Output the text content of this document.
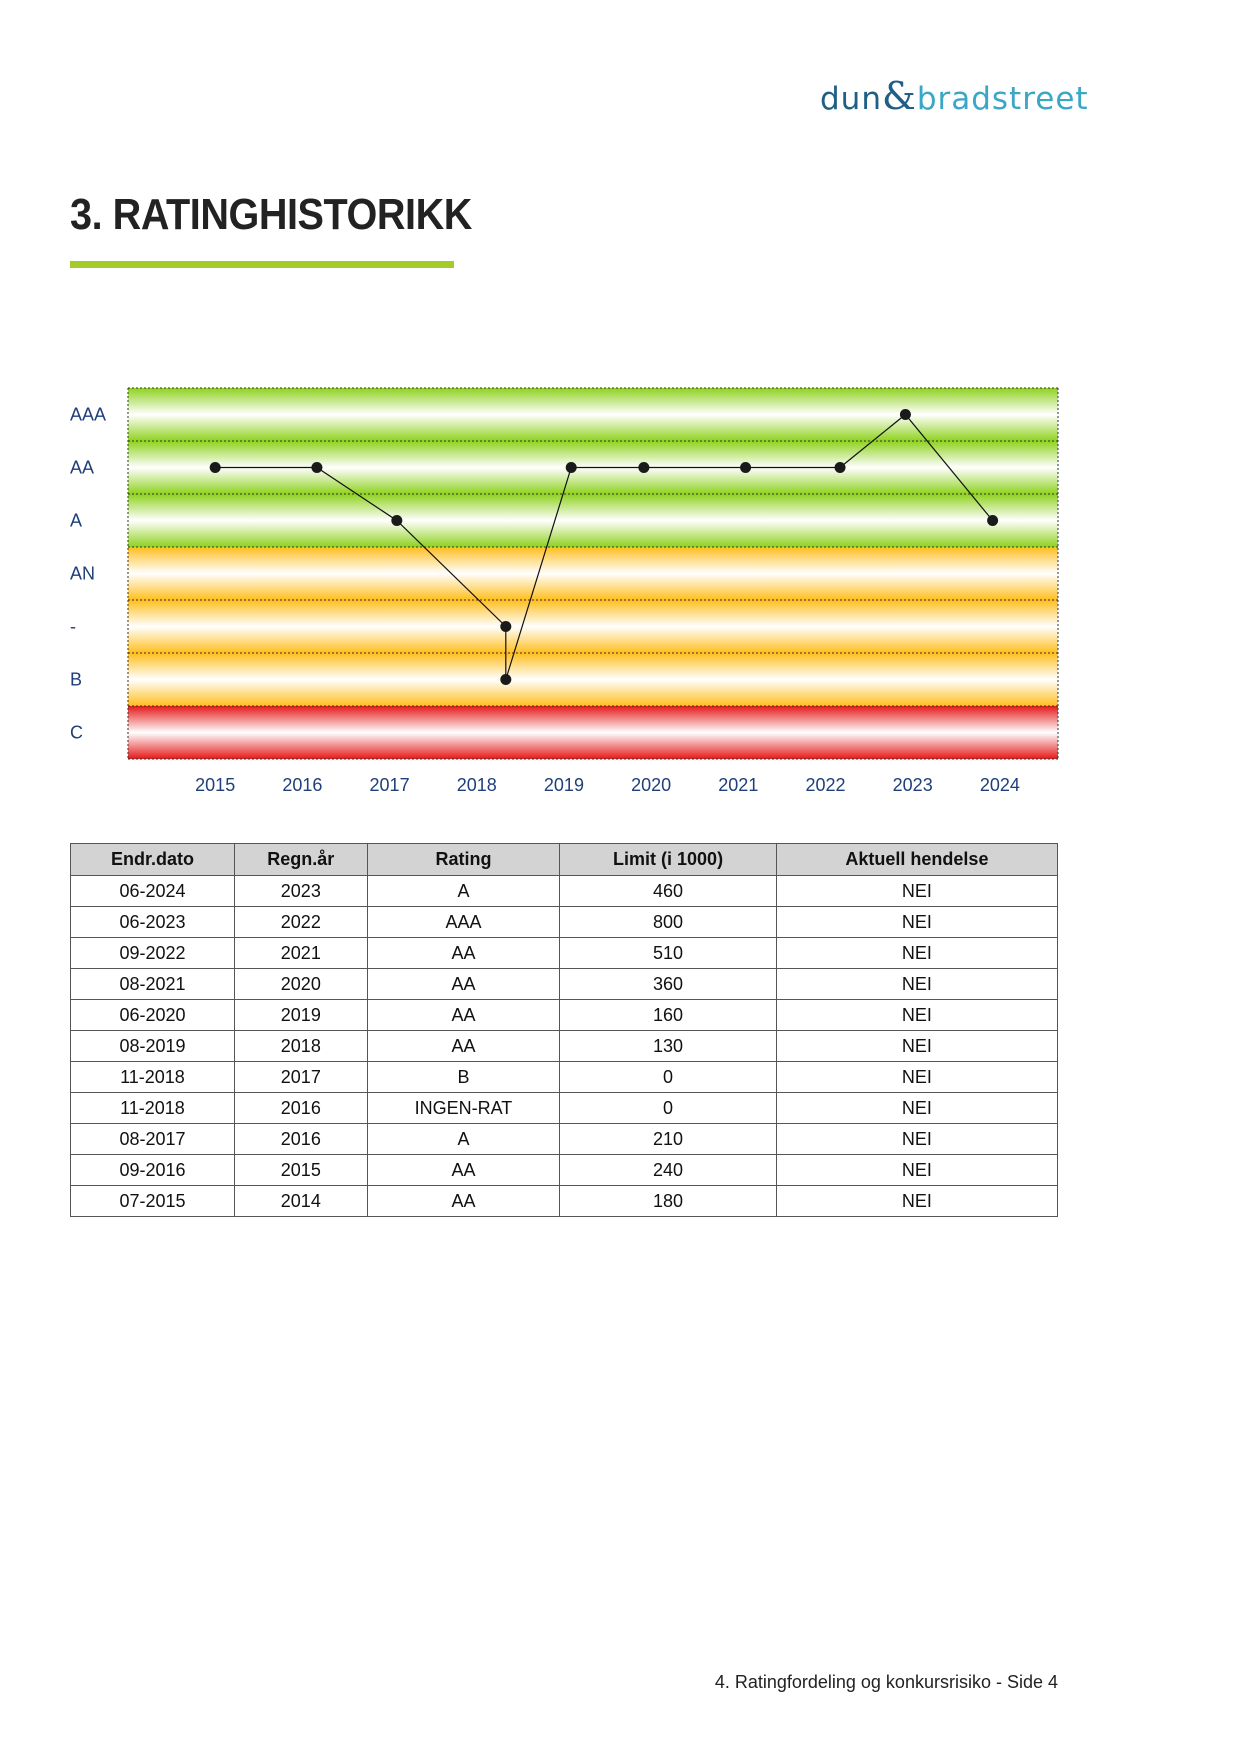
dun&bradstreet
3. RATINGHISTORIKK
AAA
AA
A
AN
-
B
C
2015	2016	2017	2018	2019	2020	2021	2022	2023	2024
Endr.dato	Regn.år	Rating	Limit (i 1000)	Aktuell hendelse
06-2024	2023	A	460	NEI
06-2023	2022	AAA	800	NEI
09-2022	2021	AA	510	NEI
08-2021	2020	AA	360	NEI
06-2020	2019	AA	160	NEI
08-2019	2018	AA	130	NEI
11-2018	2017	B	0	NEI
11-2018	2016	INGEN-RAT	0	NEI
08-2017	2016	A	210	NEI
09-2016	2015	AA	240	NEI
07-2015	2014	AA	180	NEI
4. Ratingfordeling og konkursrisiko - Side 4
